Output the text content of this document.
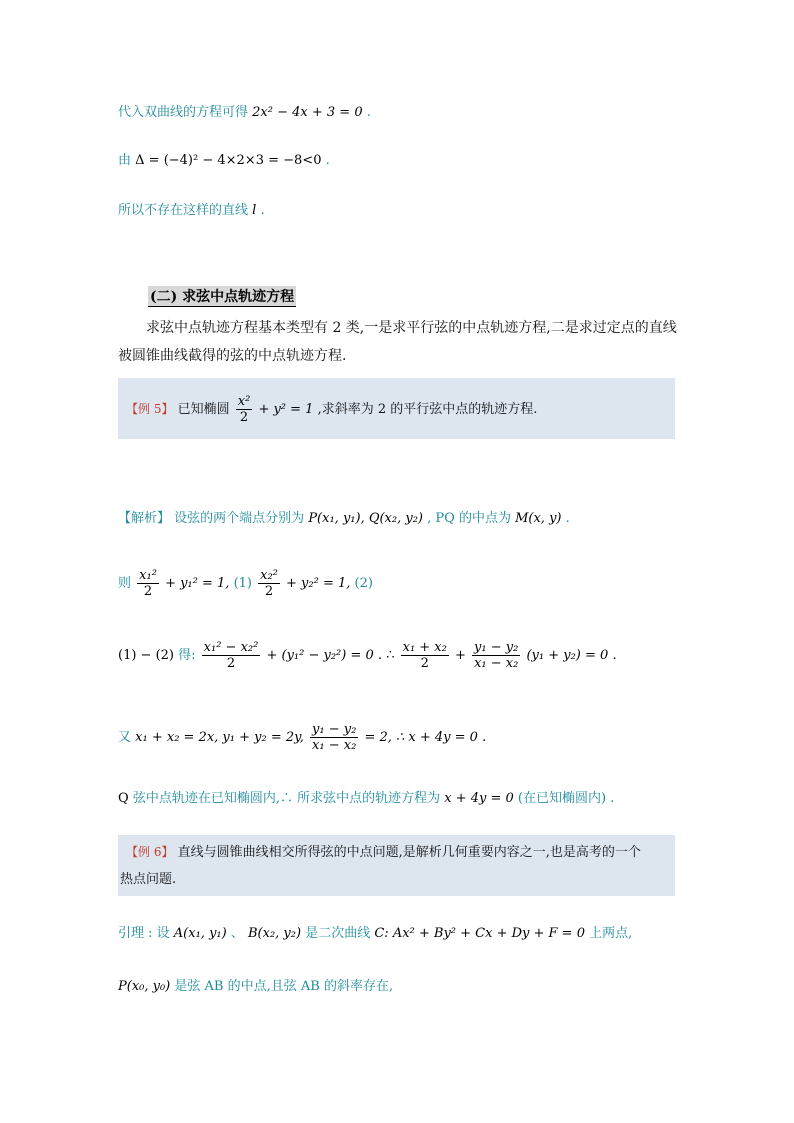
代入双曲线的方程可得 2x² − 4x + 3 = 0 .
由 Δ = (−4)² − 4×2×3 = −8<0 .
所以不存在这样的直线 l .
(二) 求弦中点轨迹方程
求弦中点轨迹方程基本类型有 2 类,一是求平行弦的中点轨迹方程,二是求过定点的直线被圆锥曲线截得的弦的中点轨迹方程.
【例 5】 已知椭圆 $\frac{\text{x²}}{2} + y^2 = 1$ ,求斜率为 2 的平行弦中点的轨迹方程.
【解析】 设弦的两个端点分别为 P(x₁, y₁), Q(x₂, y₂) , PQ 的中点为 M(x, y) .
则 $\frac{\text{x₁²}}{2} + y_1^2 = 1$, $(1) \frac{\text{x₂²}}{2} + y_2^2 = 1$, (2)
(1) − (2) 得: $\frac{\text{x₁² − x₂²}}{2} + (y_1^2 - y_2^2) = 0$ . ∴ $\frac{\text{x₁ + x₂}}{2} + \frac{\text{y₁ − y₂}}{\text{x₁ − x₂}} (y_1 + y_2) = 0$ .
又 x₁ + x₂ = 2x, y₁ + y₂ = 2y, $\frac{\text{y₁ − y₂}}{\text{x₁ − x₂}} = 2$, ∴ x + 4y = 0 .
Q 弦中点轨迹在已知椭圆内,∴ 所求弦中点的轨迹方程为 x + 4y = 0 (在已知椭圆内) .
【例 6】 直线与圆锥曲线相交所得弦的中点问题,是解析几何重要内容之一,也是高考的一个
热点问题.
引理 : 设 A(x₁, y₁) 、 B(x₂, y₂) 是二次曲线 C: Ax² + By² + Cx + Dy + F = 0 上两点,
P(x₀, y₀) 是弦 AB 的中点,且弦 AB 的斜率存在,
